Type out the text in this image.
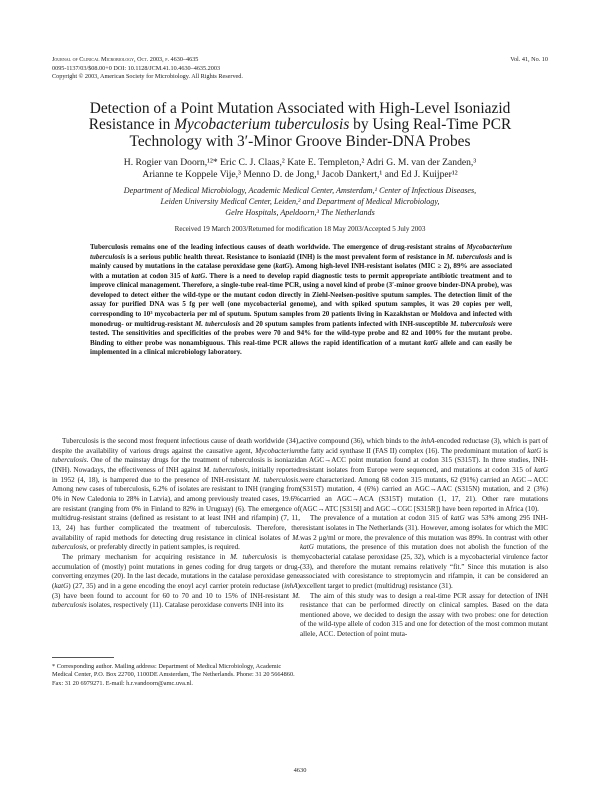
Journal of Clinical Microbiology, Oct. 2003, p. 4630–4635
0095-1137/03/$08.00+0 DOI: 10.1128/JCM.41.10.4630–4635.2003
Copyright © 2003, American Society for Microbiology. All Rights Reserved.
Vol. 41, No. 10
Detection of a Point Mutation Associated with High-Level Isoniazid
Resistance in Mycobacterium tuberculosis by Using Real-Time PCR
Technology with 3′-Minor Groove Binder-DNA Probes
H. Rogier van Doorn,¹²* Eric C. J. Claas,² Kate E. Templeton,² Adri G. M. van der Zanden,³
Arianne te Koppele Vije,³ Menno D. de Jong,¹ Jacob Dankert,¹ and Ed J. Kuijper¹²
Department of Medical Microbiology, Academic Medical Center, Amsterdam,¹ Center of Infectious Diseases,
Leiden University Medical Center, Leiden,² and Department of Medical Microbiology,
Gelre Hospitals, Apeldoorn,³ The Netherlands
Received 19 March 2003/Returned for modification 18 May 2003/Accepted 5 July 2003
Tuberculosis remains one of the leading infectious causes of death worldwide. The emergence of drug-resistant strains of Mycobacterium tuberculosis is a serious public health threat. Resistance to isoniazid (INH) is the most prevalent form of resistance in M. tuberculosis and is mainly caused by mutations in the catalase peroxidase gene (katG). Among high-level INH-resistant isolates (MIC ≥ 2), 89% are associated with a mutation at codon 315 of katG. There is a need to develop rapid diagnostic tests to permit appropriate antibiotic treatment and to improve clinical management. Therefore, a single-tube real-time PCR, using a novel kind of probe (3′-minor groove binder-DNA probe), was developed to detect either the wild-type or the mutant codon directly in Ziehl-Neelsen-positive sputum samples. The detection limit of the assay for purified DNA was 5 fg per well (one mycobacterial genome), and with spiked sputum samples, it was 20 copies per well, corresponding to 10³ mycobacteria per ml of sputum. Sputum samples from 20 patients living in Kazakhstan or Moldova and infected with monodrug- or multidrug-resistant M. tuberculosis and 20 sputum samples from patients infected with INH-susceptible M. tuberculosis were tested. The sensitivities and specificities of the probes were 70 and 94% for the wild-type probe and 82 and 100% for the mutant probe. Binding to either probe was nonambiguous. This real-time PCR allows the rapid identification of a mutant katG allele and can easily be implemented in a clinical microbiology laboratory.

Tuberculosis is the second most frequent infectious cause of death worldwide (34), despite the availability of various drugs against the causative agent, Mycobacterium tuberculosis. One of the mainstay drugs for the treatment of tuberculosis is isoniazid (INH). Nowadays, the effectiveness of INH against M. tuberculosis, initially reported in 1952 (4, 18), is hampered due to the presence of INH-resistant M. tuberculosis. Among new cases of tuberculosis, 6.2% of isolates are resistant to INH (ranging from 0% in New Caledonia to 28% in Latvia), and among previously treated cases, 19.6% are resistant (ranging from 0% in Finland to 82% in Uruguay) (6). The emergence of multidrug-resistant strains (defined as resistant to at least INH and rifampin) (7, 11, 13, 24) has further complicated the treatment of tuberculosis. Therefore, the availability of rapid methods for detecting drug resistance in clinical isolates of M. tuberculosis, or preferably directly in patient samples, is required.

The primary mechanism for acquiring resistance in M. tuberculosis is the accumulation of (mostly) point mutations in genes coding for drug targets or drug-converting enzymes (20). In the last decade, mutations in the catalase peroxidase gene (katG) (27, 35) and in a gene encoding the enoyl acyl carrier protein reductase (inhA) (3) have been found to account for 60 to 70 and 10 to 15% of INH-resistant M. tuberculosis isolates, respectively (11). Catalase peroxidase converts INH into its

active compound (36), which binds to the inhA-encoded reductase (3), which is part of the fatty acid synthase II (FAS II) complex (16). The predominant mutation of katG is an AGC→ACC point mutation found at codon 315 (S315T). In three studies, INH-resistant isolates from Europe were sequenced, and mutations at codon 315 of katG were characterized. Among 68 codon 315 mutants, 62 (91%) carried an AGC→ACC (S315T) mutation, 4 (6%) carried an AGC→AAC (S315N) mutation, and 2 (3%) carried an AGC→ACA (S315T) mutation (1, 17, 21). Other rare mutations (AGC→ATC [S315I] and AGC→CGC [S315R]) have been reported in Africa (10).

The prevalence of a mutation at codon 315 of katG was 53% among 295 INH-resistant isolates in The Netherlands (31). However, among isolates for which the MIC was 2 μg/ml or more, the prevalence of this mutation was 89%. In contrast with other katG mutations, the presence of this mutation does not abolish the function of the mycobacterial catalase peroxidase (25, 32), which is a mycobacterial virulence factor (33), and therefore the mutant remains relatively “fit.” Since this mutation is also associated with coresistance to streptomycin and rifampin, it can be considered an excellent target to predict (multidrug) resistance (31).

The aim of this study was to design a real-time PCR assay for detection of INH resistance that can be performed directly on clinical samples. Based on the data mentioned above, we decided to design the assay with two probes: one for detection of the wild-type allele of codon 315 and one for detection of the most common mutant allele, ACC. Detection of point muta-

* Corresponding author. Mailing address: Department of Medical Microbiology, Academic Medical Center, P.O. Box 22700, 1100DE Amsterdam, The Netherlands. Phone: 31 20 5664860. Fax: 31 20 6979271. E-mail: h.r.vandoorn@amc.uva.nl.
4630
